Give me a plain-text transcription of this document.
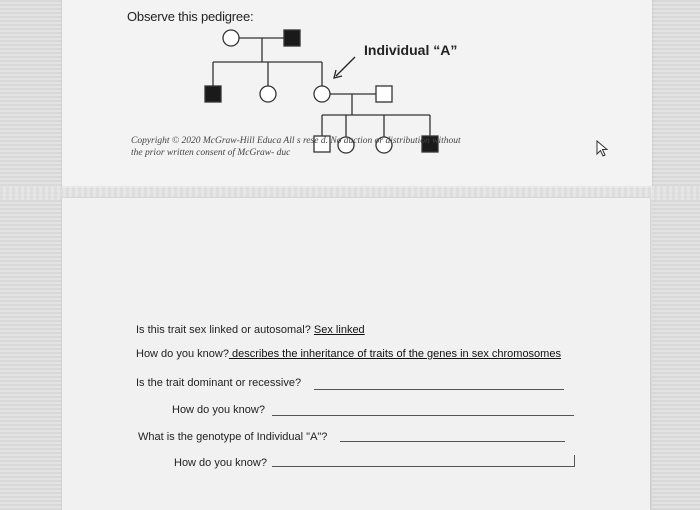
Observe this pedigree:
Individual “A”
Copyright © 2020 McGraw-Hill Educa All s rese d. No duction or distribution without
the prior written consent of McGraw- duc
Is this trait sex linked or autosomal? Sex linked
How do you know? describes the inheritance of traits of the genes in sex chromosomes
Is the trait dominant or recessive?
How do you know?
What is the genotype of Individual "A"?
How do you know?
